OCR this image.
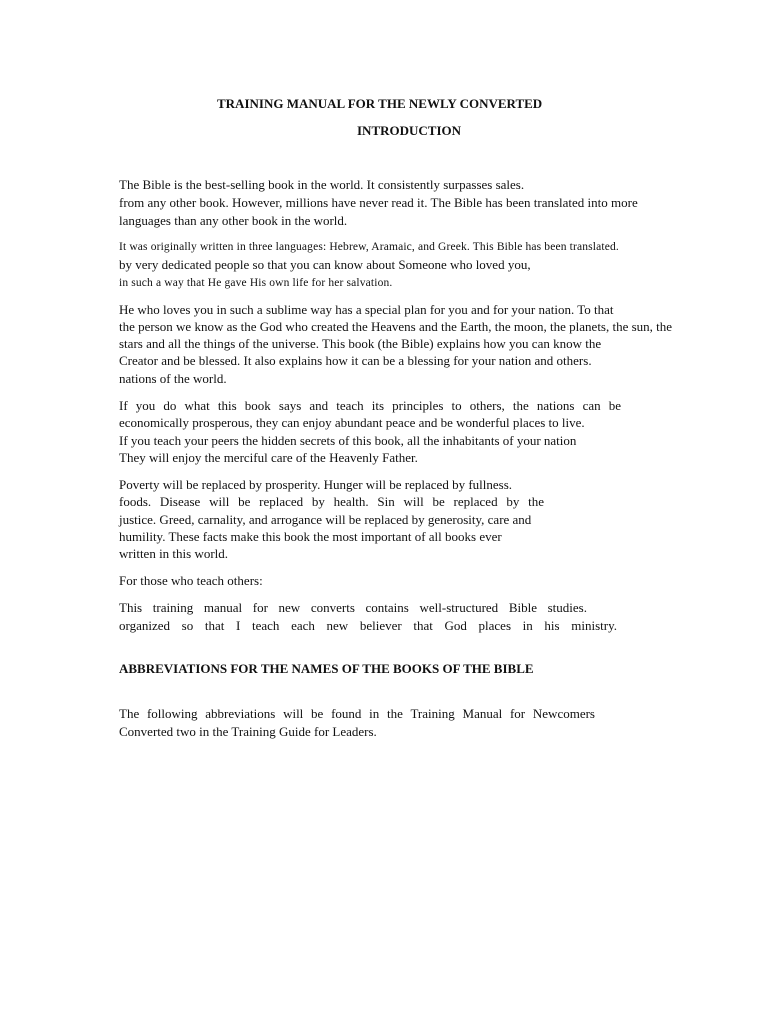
TRAINING MANUAL FOR THE NEWLY CONVERTED
INTRODUCTION
The Bible is the best-selling book in the world. It consistently surpasses sales.
from any other book. However, millions have never read it. The Bible has been translated into more
languages than any other book in the world.
It was originally written in three languages: Hebrew, Aramaic, and Greek. This Bible has been translated.
by very dedicated people so that you can know about Someone who loved you,
in such a way that He gave His own life for her salvation.
He who loves you in such a sublime way has a special plan for you and for your nation. To that
the person we know as the God who created the Heavens and the Earth, the moon, the planets, the sun, the
stars and all the things of the universe. This book (the Bible) explains how you can know the
Creator and be blessed. It also explains how it can be a blessing for your nation and others.
nations of the world.
If you do what this book says and teach its principles to others, the nations can be
economically prosperous, they can enjoy abundant peace and be wonderful places to live.
If you teach your peers the hidden secrets of this book, all the inhabitants of your nation
They will enjoy the merciful care of the Heavenly Father.
Poverty will be replaced by prosperity. Hunger will be replaced by fullness.
foods. Disease will be replaced by health. Sin will be replaced by the
justice. Greed, carnality, and arrogance will be replaced by generosity, care and
humility. These facts make this book the most important of all books ever
written in this world.
For those who teach others:
This training manual for new converts contains well-structured Bible studies.
organized so that I teach each new believer that God places in his ministry.
ABBREVIATIONS FOR THE NAMES OF THE BOOKS OF THE BIBLE
The following abbreviations will be found in the Training Manual for Newcomers
Converted two in the Training Guide for Leaders.
